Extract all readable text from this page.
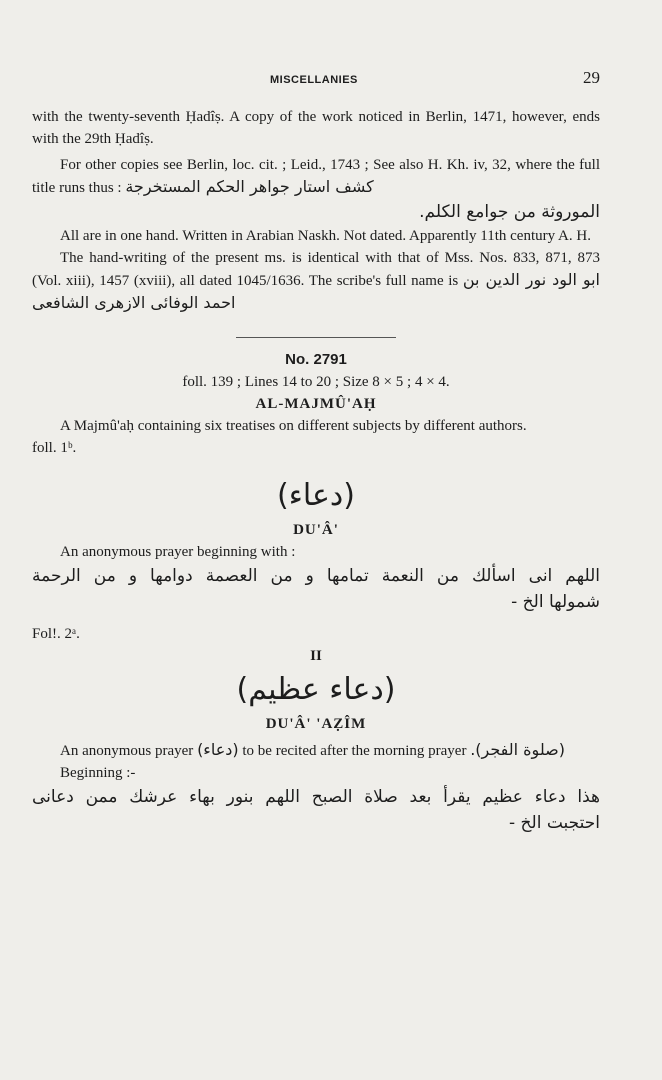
MISCELLANIES	29

with the twenty-seventh Ḥadîṣ. A copy of the work noticed in Berlin, 1471, however, ends with the 29th Ḥadîṣ.

For other copies see Berlin, loc. cit. ; Leid., 1743 ; See also H. Kh. iv, 32, where the full title runs thus : كشف استار جواهر الحكم المستخرجة

الموروثة من جوامع الكلم.

All are in one hand. Written in Arabian Naskh. Not dated. Apparently 11th century A. H.

The hand-writing of the present ms. is identical with that of Mss. Nos. 833, 871, 873 (Vol. xiii), 1457 (xviii), all dated 1045/1636. The scribe's full name is ابو الود نور الدين بن احمد الوفائى الازهرى الشافعى

No. 2791

foll. 139 ; Lines 14 to 20 ; Size 8 × 5 ; 4 × 4.

AL-MAJMÛ'AḤ

A Majmû'aḥ containing six treatises on different subjects by different authors.

foll. 1ᵇ.

(دعاء)

DU'Â'

An anonymous prayer beginning with :

اللهم انى اسألك من النعمة تمامها و من العصمة دوامها و من الرحمة

شمولها الخ -

Fol!. 2ᵃ.

II

(دعاء عظيم)

DU'Â' 'AẒÎM

An anonymous prayer (دعاء) to be recited after the morning prayer (صلوة الفجر).

Beginning :-

هذا دعاء عظيم يقرأ بعد صلاة الصبح اللهم بنور بهاء عرشك ممن دعانى

احتجبت الخ -
